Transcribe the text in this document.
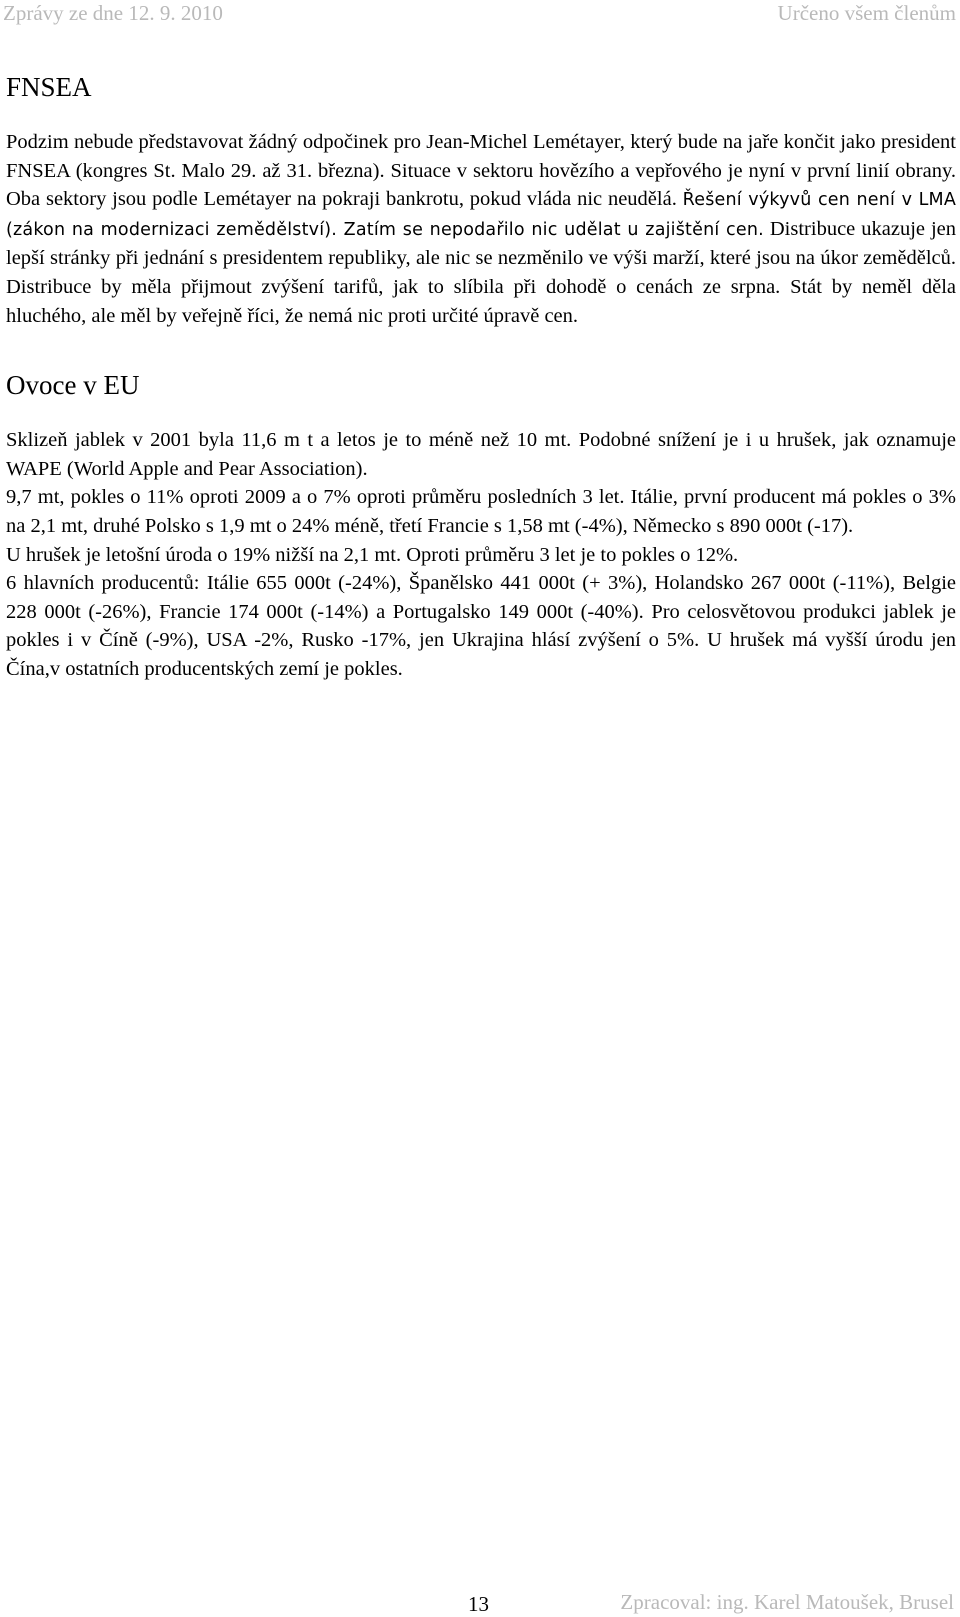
Zprávy ze dne 12. 9. 2010	Určeno všem členům
FNSEA

Podzim nebude představovat žádný odpočinek pro Jean-Michel Lemétayer, který bude na jaře končit jako president FNSEA (kongres St. Malo 29. až 31. března). Situace v sektoru hovězího a vepřového je nyní v první linií obrany. Oba sektory jsou podle Lemétayer na pokraji bankrotu, pokud vláda nic neudělá. Řešení výkyvů cen není v LMA (zákon na modernizaci zemědělství). Zatím se nepodařilo nic udělat u zajištění cen. Distribuce ukazuje jen lepší stránky při jednání s presidentem republiky, ale nic se nezměnilo ve výši marží, které jsou na úkor zemědělců. Distribuce by měla přijmout zvýšení tarifů, jak to slíbila při dohodě o cenách ze srpna. Stát by neměl děla hluchého, ale měl by veřejně říci, že nemá nic proti určité úpravě cen.

Ovoce v EU

Sklizeň jablek v 2001 byla 11,6 m t a letos je to méně než 10 mt. Podobné snížení je i u hrušek, jak oznamuje WAPE (World Apple and Pear Association).

9,7 mt, pokles o 11% oproti 2009 a o 7% oproti průměru posledních 3 let. Itálie, první producent má pokles o 3% na 2,1 mt, druhé Polsko s 1,9 mt o 24% méně, třetí Francie s 1,58 mt (-4%), Německo s 890 000t (-17).

U hrušek je letošní úroda o 19% nižší na 2,1 mt. Oproti průměru 3 let je to pokles o 12%.

6 hlavních producentů: Itálie 655 000t (-24%), Španělsko 441 000t (+ 3%), Holandsko 267 000t (-11%), Belgie 228 000t (-26%), Francie 174 000t (-14%) a Portugalsko 149 000t (-40%). Pro celosvětovou produkci jablek je pokles i v Číně (-9%), USA -2%, Rusko -17%, jen Ukrajina hlásí zvýšení o 5%. U hrušek má vyšší úrodu jen Čína,v ostatních producentských zemí je pokles.

13	Zpracoval: ing. Karel Matoušek, Brusel
